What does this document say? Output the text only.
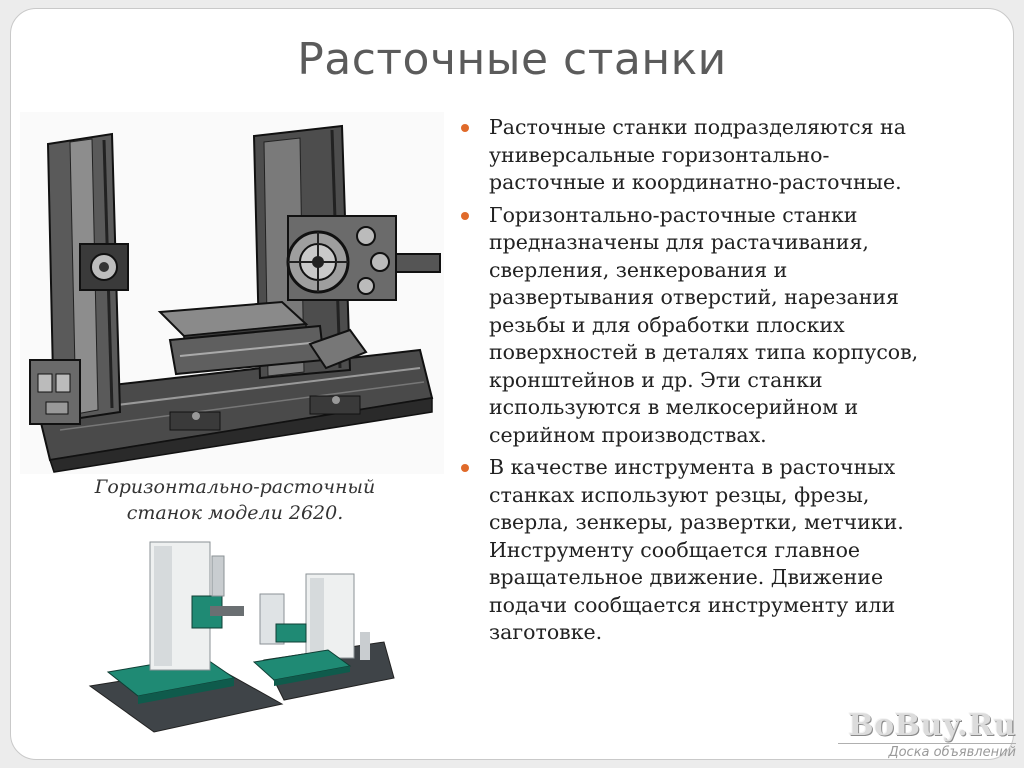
Расточные станки
Горизонтально-расточный
станок модели 2620.
Расточные станки подразделяются на
универсальные горизонтально-
расточные и координатно-расточные.
Горизонтально-расточные станки
предназначены для растачивания,
сверления, зенкерования и
развертывания отверстий, нарезания
резьбы и для обработки плоских
поверхностей в деталях типа корпусов,
кронштейнов и др. Эти станки
используются в мелкосерийном и
серийном производствах.
В качестве инструмента в расточных
станках используют резцы, фрезы,
сверла, зенкеры, развертки, метчики.
Инструменту сообщается главное
вращательное движение. Движение
подачи сообщается инструменту или
заготовке.
BoBuy.Ru
Доска объявлений
